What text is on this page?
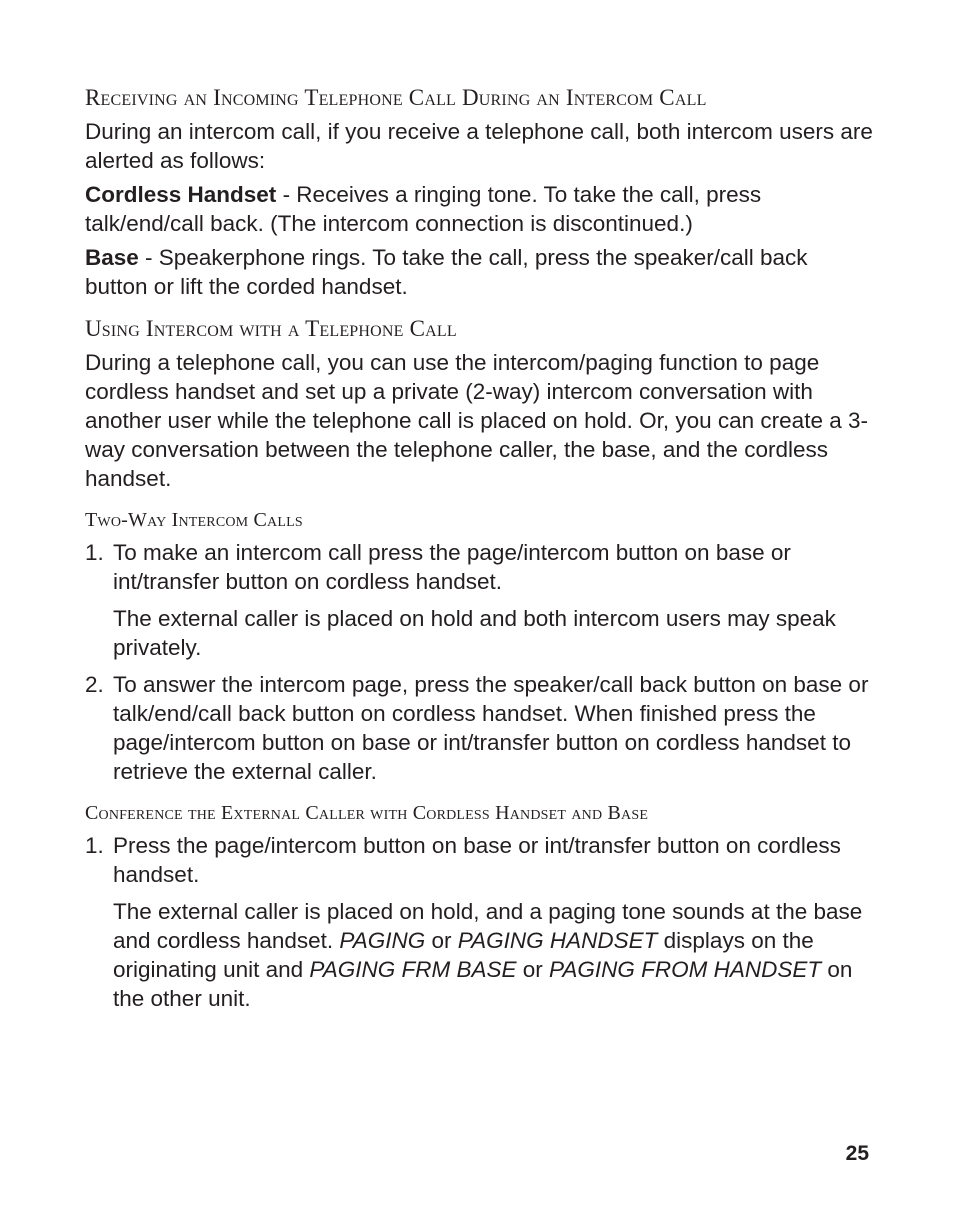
Receiving an Incoming Telephone Call During an Intercom Call

During an intercom call, if you receive a telephone call, both intercom users are alerted as follows:

Cordless Handset - Receives a ringing tone. To take the call, press talk/end/call back. (The intercom connection is discontinued.)

Base - Speakerphone rings. To take the call, press the speaker/call back button or lift the corded handset.

Using Intercom with a Telephone Call

During a telephone call, you can use the intercom/paging function to page cordless handset and set up a private (2-way) intercom conversation with another user while the telephone call is placed on hold. Or, you can create a 3-way conversation between the telephone caller, the base, and the cordless handset.

Two-Way Intercom Calls
1. To make an intercom call press the page/intercom button on base or int/transfer button on cordless handset.

The external caller is placed on hold and both intercom users may speak privately.

2. To answer the intercom page, press the speaker/call back button on base or talk/end/call back button on cordless handset. When finished press the page/intercom button on base or int/transfer button on cordless handset to retrieve the external caller.
Conference the External Caller with Cordless Handset and Base
1. Press the page/intercom button on base or int/transfer button on cordless handset.

The external caller is placed on hold, and a paging tone sounds at the base and cordless handset. PAGING or PAGING HANDSET displays on the originating unit and PAGING FRM BASE or PAGING FROM HANDSET on the other unit.

25
